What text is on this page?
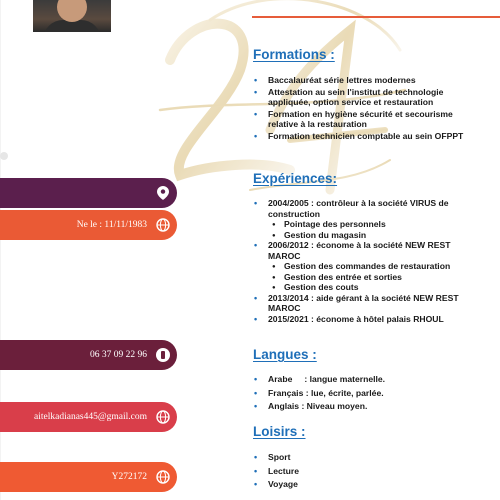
Ne le : 11/11/1983
06 37 09 22 96
aitelkadianas445@gmail.com
Y272172
Formations :
• Baccalauréat série lettres modernes
• Attestation au sein l'institut de technologie appliquée, option service et restauration
• Formation en hygiène sécurité et secourisme relative à la restauration
• Formation technicien comptable au sein OFPPT
Expériences:
• 2004/2005 : contrôleur à la société VIRUS de construction
● Pointage des personnels
● Gestion du magasin
• 2006/2012 : économe à la société NEW REST MAROC
● Gestion des commandes de restauration
● Gestion des entrée et sorties
● Gestion des couts
• 2013/2014 : aide gérant à la société NEW REST MAROC
• 2015/2021 : économe à hôtel palais RHOUL
Langues :
• Arabe : langue maternelle.
• Français : lue, écrite, parlée.
• Anglais : Niveau moyen.
Loisirs :
• Sport
• Lecture
• Voyage
